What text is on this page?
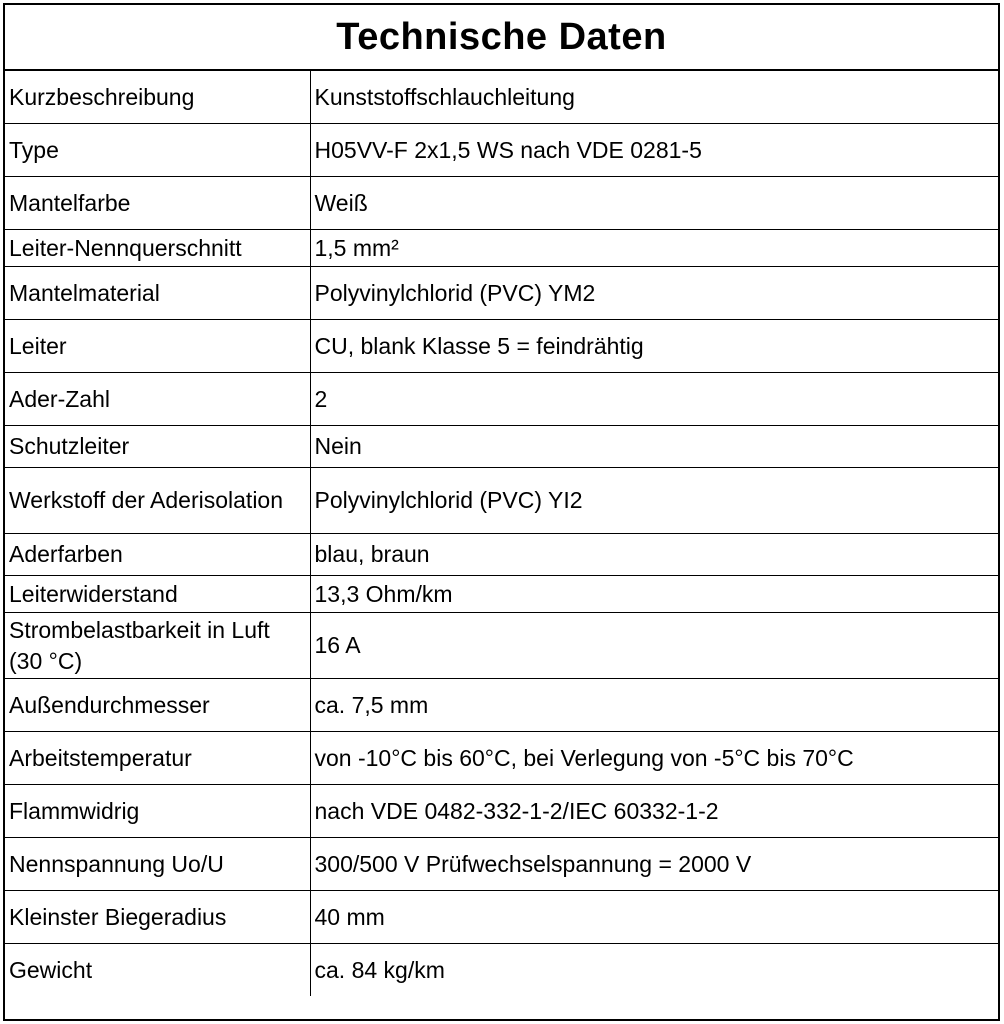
Technische Daten
Kurzbeschreibung	Kunststoffschlauchleitung
Type	H05VV-F 2x1,5 WS nach VDE 0281-5
Mantelfarbe	Weiß
Leiter-Nennquerschnitt	1,5 mm²
Mantelmaterial	Polyvinylchlorid (PVC) YM2
Leiter	CU, blank Klasse 5 = feindrähtig
Ader-Zahl	2
Schutzleiter	Nein
Werkstoff der Aderisolation	Polyvinylchlorid (PVC) YI2
Aderfarben	blau, braun
Leiterwiderstand	13,3 Ohm/km
Strombelastbarkeit in Luft (30 °C)	16 A
Außendurchmesser	ca. 7,5 mm
Arbeitstemperatur	von -10°C bis 60°C, bei Verlegung von -5°C bis 70°C
Flammwidrig	nach VDE 0482-332-1-2/IEC 60332-1-2
Nennspannung Uo/U	300/500 V Prüfwechselspannung = 2000 V
Kleinster Biegeradius	40 mm
Gewicht	ca. 84 kg/km
